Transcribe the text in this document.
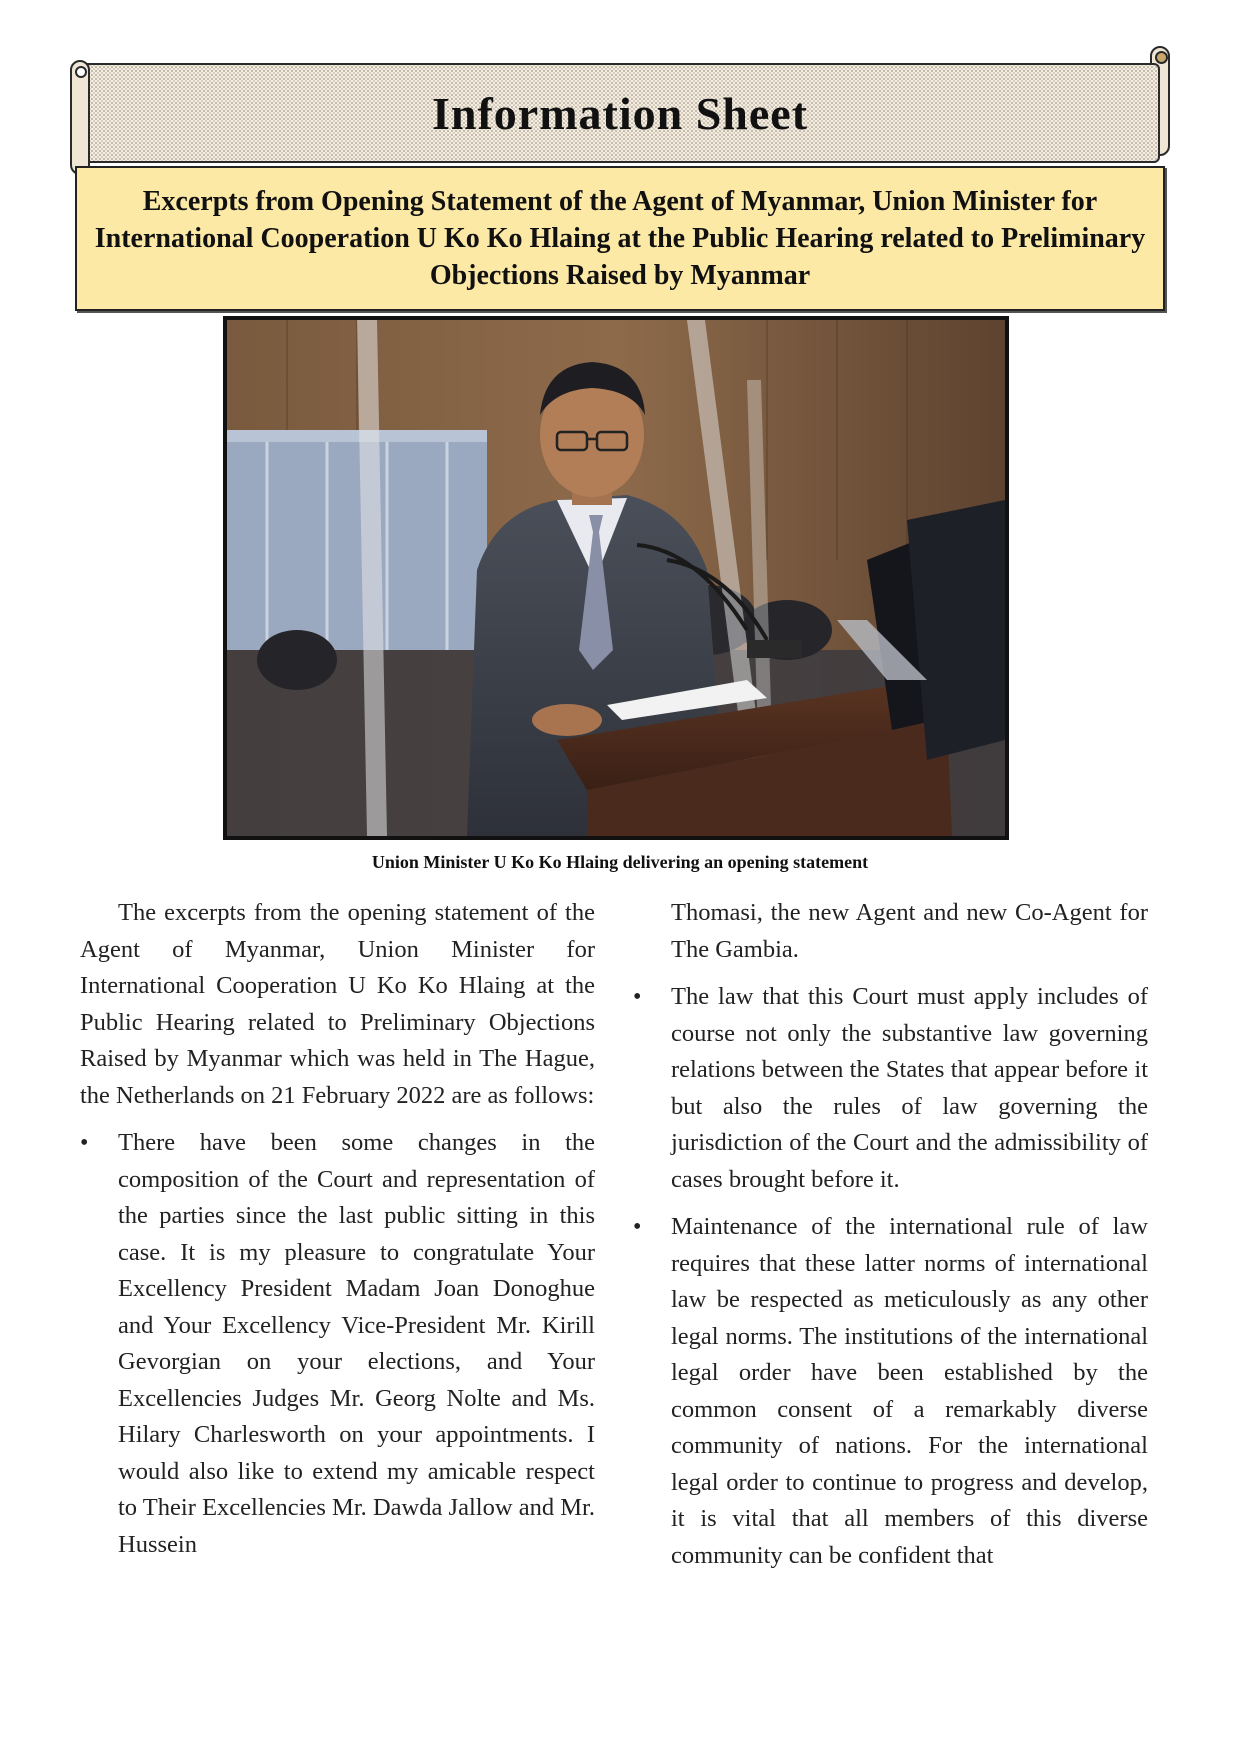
Information Sheet

Excerpts from Opening Statement of the Agent of Myanmar, Union Minister for International Cooperation U Ko Ko Hlaing at the Public Hearing related to Preliminary Objections Raised by Myanmar

Union Minister U Ko Ko Hlaing delivering an opening statement

The excerpts from the opening statement of the Agent of Myanmar, Union Minister for International Cooperation U Ko Ko Hlaing at the Public Hearing related to Preliminary Objections Raised by Myanmar which was held in The Hague, the Netherlands on 21 February 2022 are as follows:

•	There have been some changes in the composition of the Court and representation of the parties since the last public sitting in this case. It is my pleasure to congratulate Your Excellency President Madam Joan Donoghue and Your Excellency Vice-President Mr. Kirill Gevorgian on your elections, and Your Excellencies Judges Mr. Georg Nolte and Ms. Hilary Charlesworth on your appointments. I would also like to extend my amicable respect to Their Excellencies Mr. Dawda Jallow and Mr. Hussein

Thomasi, the new Agent and new Co-Agent for The Gambia.

•	The law that this Court must apply includes of course not only the substantive law governing relations between the States that appear before it but also the rules of law governing the jurisdiction of the Court and the admissibility of cases brought before it.

•	Maintenance of the international rule of law requires that these latter norms of international law be respected as meticulously as any other legal norms. The institutions of the international legal order have been established by the common consent of a remarkably diverse community of nations. For the international legal order to continue to progress and develop, it is vital that all members of this diverse community can be confident that
